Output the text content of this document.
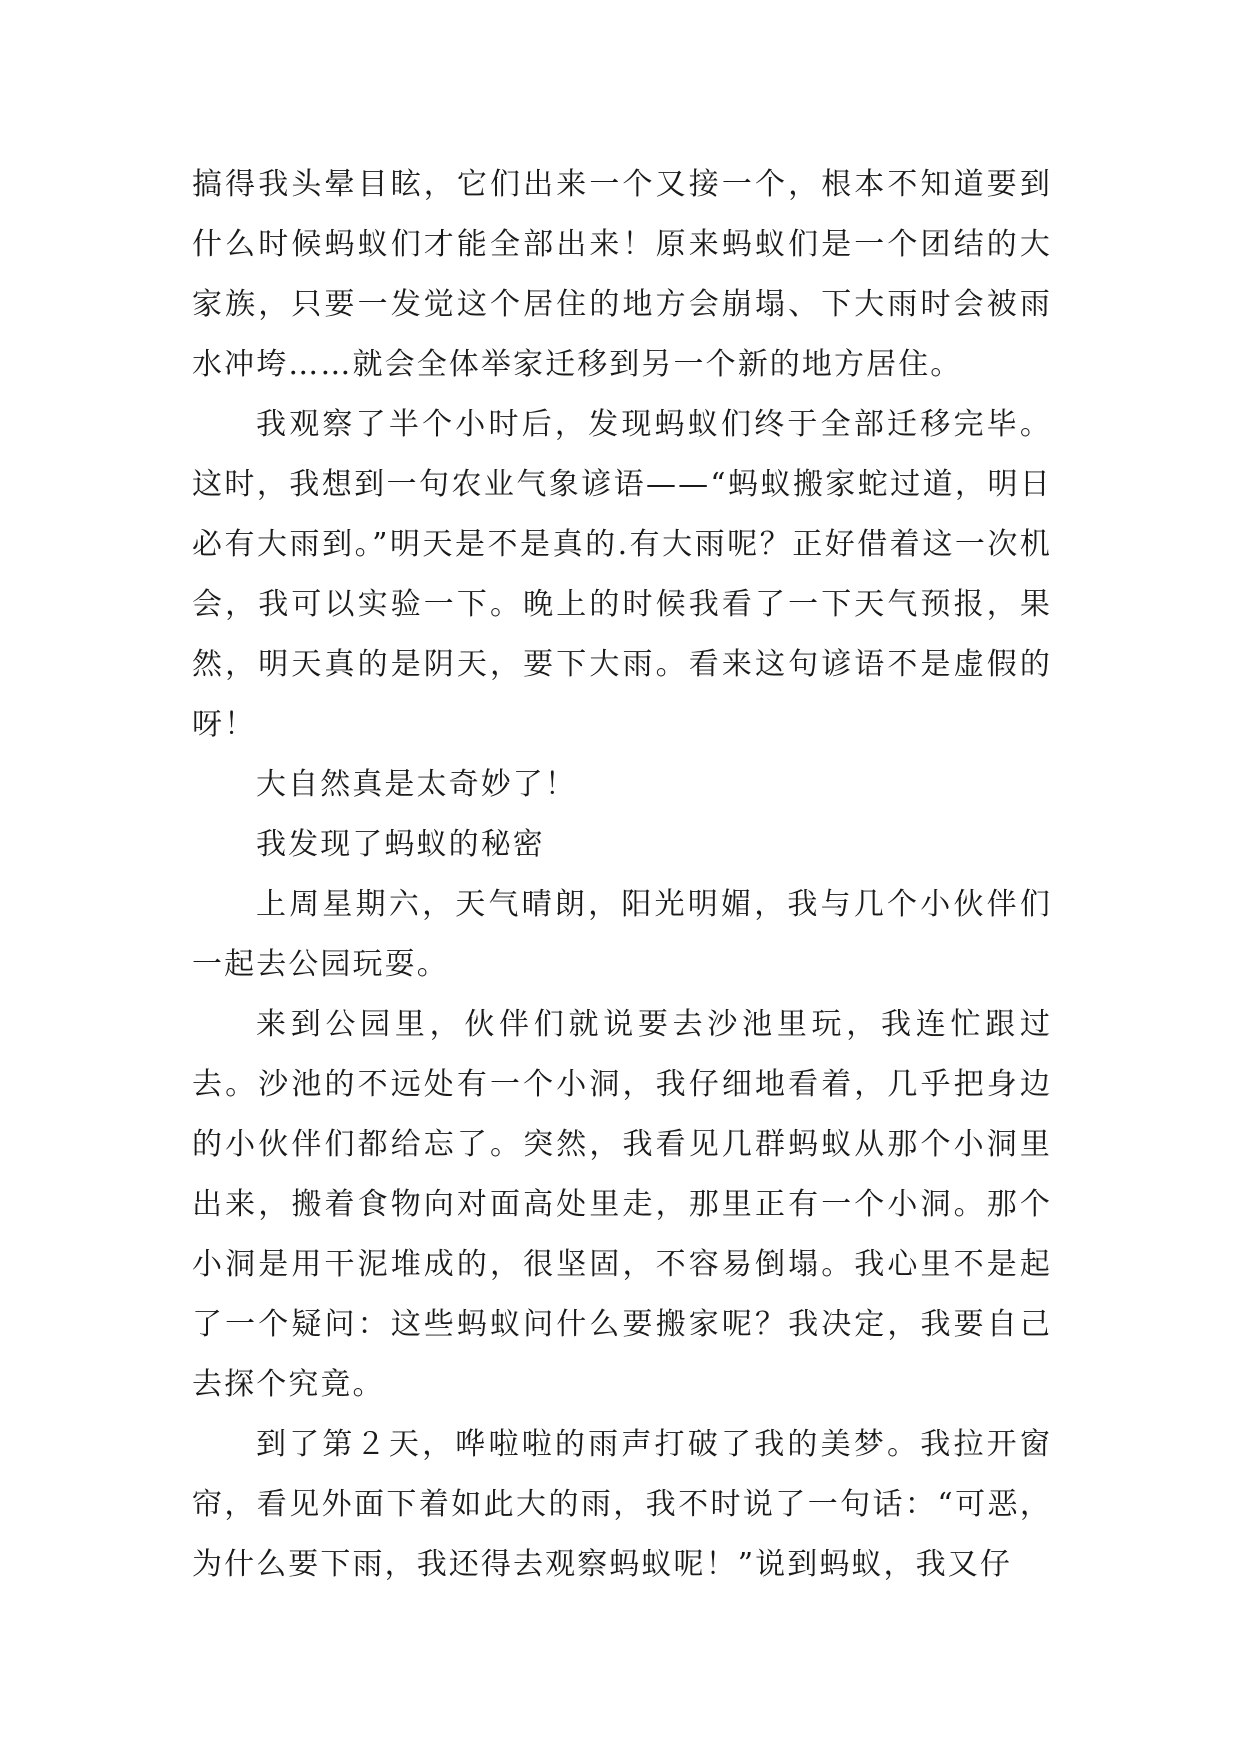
搞得我头晕目眩，它们出来一个又接一个，根本不知道要到什么时候蚂蚁们才能全部出来！原来蚂蚁们是一个团结的大家族，只要一发觉这个居住的地方会崩塌、下大雨时会被雨水冲垮……就会全体举家迁移到另一个新的地方居住。

我观察了半个小时后，发现蚂蚁们终于全部迁移完毕。这时，我想到一句农业气象谚语——“蚂蚁搬家蛇过道，明日必有大雨到。”明天是不是真的.有大雨呢？正好借着这一次机会，我可以实验一下。晚上的时候我看了一下天气预报，果然，明天真的是阴天，要下大雨。看来这句谚语不是虚假的呀！

大自然真是太奇妙了！

我发现了蚂蚁的秘密

上周星期六，天气晴朗，阳光明媚，我与几个小伙伴们一起去公园玩耍。

来到公园里，伙伴们就说要去沙池里玩，我连忙跟过去。沙池的不远处有一个小洞，我仔细地看着，几乎把身边的小伙伴们都给忘了。突然，我看见几群蚂蚁从那个小洞里出来，搬着食物向对面高处里走，那里正有一个小洞。那个小洞是用干泥堆成的，很坚固，不容易倒塌。我心里不是起了一个疑问：这些蚂蚁问什么要搬家呢？我决定，我要自己去探个究竟。

到了第２天，哗啦啦的雨声打破了我的美梦。我拉开窗帘，看见外面下着如此大的雨，我不时说了一句话：“可恶，为什么要下雨，我还得去观察蚂蚁呢！”说到蚂蚁，我又仔
